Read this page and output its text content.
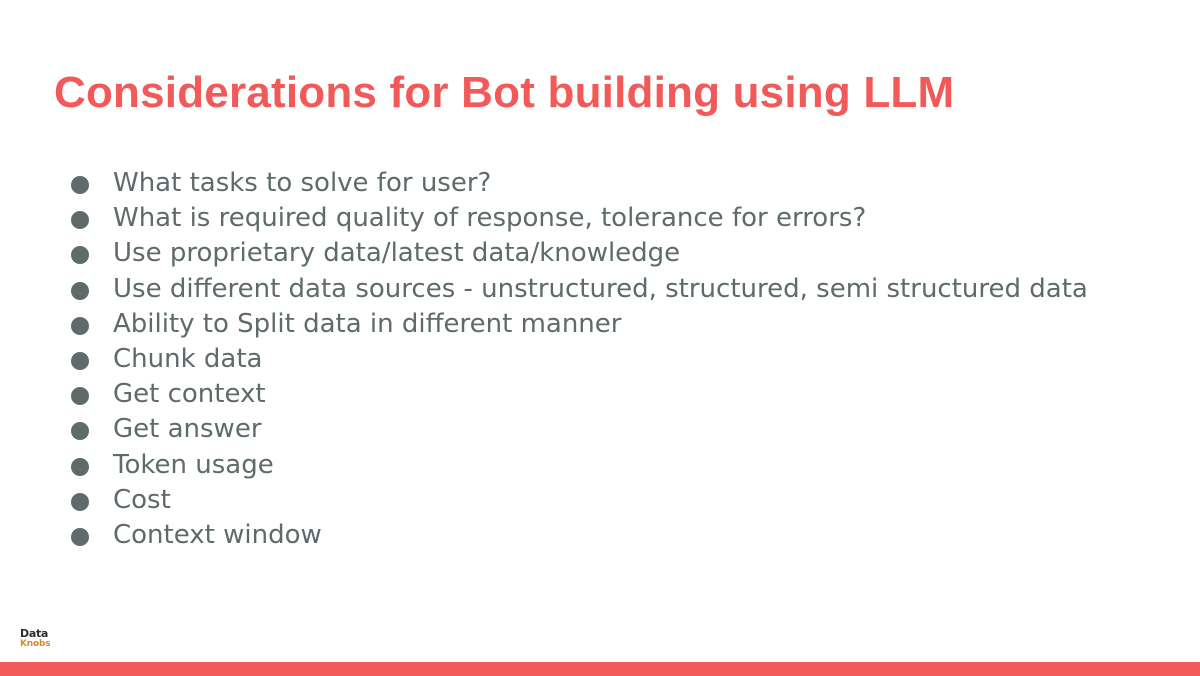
Considerations for Bot building using LLM
What tasks to solve for user?
What is required quality of response, tolerance for errors?
Use proprietary data/latest data/knowledge
Use different data sources - unstructured, structured, semi structured data
Ability to Split data in different manner
Chunk data
Get context
Get answer
Token usage
Cost
Context window
Data
Knobs
